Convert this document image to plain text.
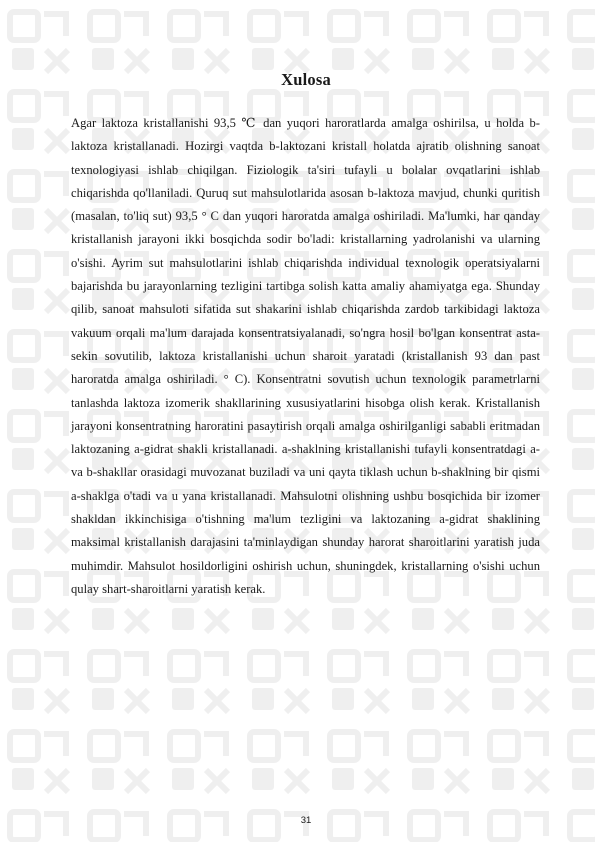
Xulosa

Agar laktoza kristallanishi 93,5 ℃ dan yuqori haroratlarda amalga oshirilsa, u holda b-laktoza kristallanadi. Hozirgi vaqtda b-laktozani kristall holatda ajratib olishning sanoat texnologiyasi ishlab chiqilgan. Fiziologik ta'siri tufayli u bolalar ovqatlarini ishlab chiqarishda qo'llaniladi. Quruq sut mahsulotlarida asosan b-laktoza mavjud, chunki quritish (masalan, to'liq sut) 93,5 ° C dan yuqori haroratda amalga oshiriladi. Ma'lumki, har qanday kristallanish jarayoni ikki bosqichda sodir bo'ladi: kristallarning yadrolanishi va ularning o'sishi. Ayrim sut mahsulotlarini ishlab chiqarishda individual texnologik operatsiyalarni bajarishda bu jarayonlarning tezligini tartibga solish katta amaliy ahamiyatga ega. Shunday qilib, sanoat mahsuloti sifatida sut shakarini ishlab chiqarishda zardob tarkibidagi laktoza vakuum orqali ma'lum darajada konsentratsiyalanadi, so'ngra hosil bo'lgan konsentrat asta-sekin sovutilib, laktoza kristallanishi uchun sharoit yaratadi (kristallanish 93 dan past haroratda amalga oshiriladi. ° C). Konsentratni sovutish uchun texnologik parametrlarni tanlashda laktoza izomerik shakllarining xususiyatlarini hisobga olish kerak. Kristallanish jarayoni konsentratning haroratini pasaytirish orqali amalga oshirilganligi sababli eritmadan laktozaning a-gidrat shakli kristallanadi. a-shaklning kristallanishi tufayli konsentratdagi a- va b-shakllar orasidagi muvozanat buziladi va uni qayta tiklash uchun b-shaklning bir qismi a-shaklga o'tadi va u yana kristallanadi. Mahsulotni olishning ushbu bosqichida bir izomer shakldan ikkinchisiga o'tishning ma'lum tezligini va laktozaning a-gidrat shaklining maksimal kristallanish darajasini ta'minlaydigan shunday harorat sharoitlarini yaratish juda muhimdir. Mahsulot hosildorligini oshirish uchun, shuningdek, kristallarning o'sishi uchun qulay shart-sharoitlarni yaratish kerak.

31
